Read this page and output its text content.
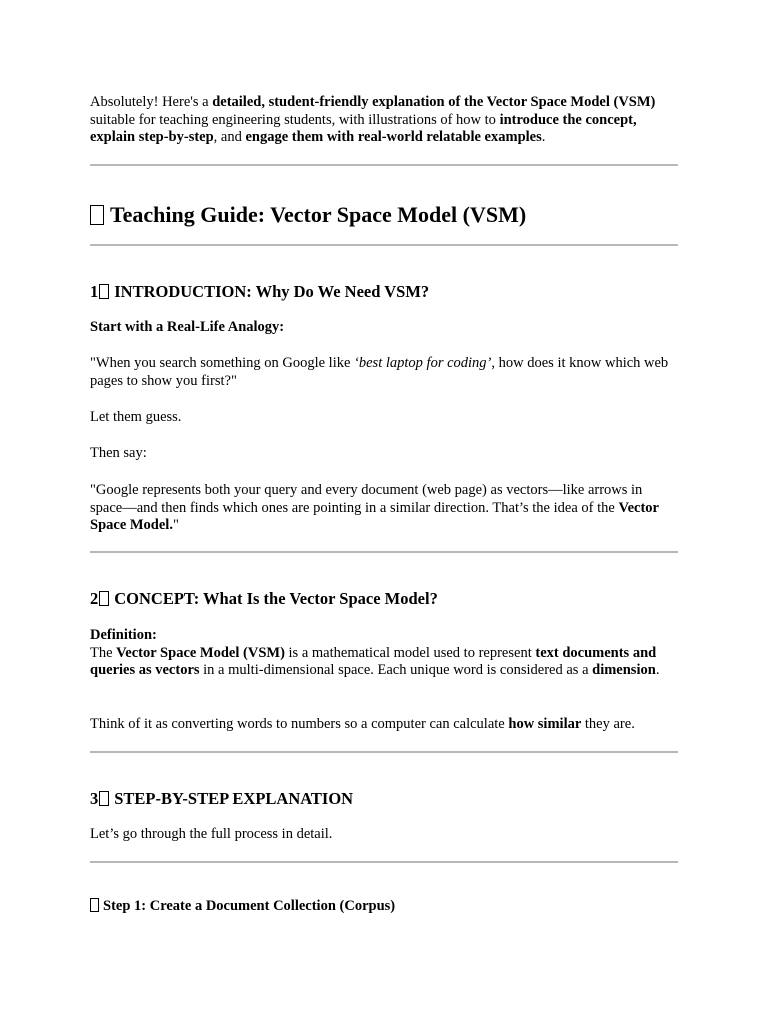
Absolutely! Here's a detailed, student-friendly explanation of the Vector Space Model (VSM) suitable for teaching engineering students, with illustrations of how to introduce the concept, explain step-by-step, and engage them with real-world relatable examples.

Teaching Guide: Vector Space Model (VSM)
1 INTRODUCTION: Why Do We Need VSM?

Start with a Real-Life Analogy:

"When you search something on Google like ‘best laptop for coding’, how does it know which web pages to show you first?"

Let them guess.

Then say:

"Google represents both your query and every document (web page) as vectors—like arrows in space—and then finds which ones are pointing in a similar direction. That’s the idea of the Vector Space Model."

2 CONCEPT: What Is the Vector Space Model?

Definition:
The Vector Space Model (VSM) is a mathematical model used to represent text documents and queries as vectors in a multi-dimensional space. Each unique word is considered as a dimension.

Think of it as converting words to numbers so a computer can calculate how similar they are.

3 STEP-BY-STEP EXPLANATION

Let’s go through the full process in detail.

Step 1: Create a Document Collection (Corpus)
